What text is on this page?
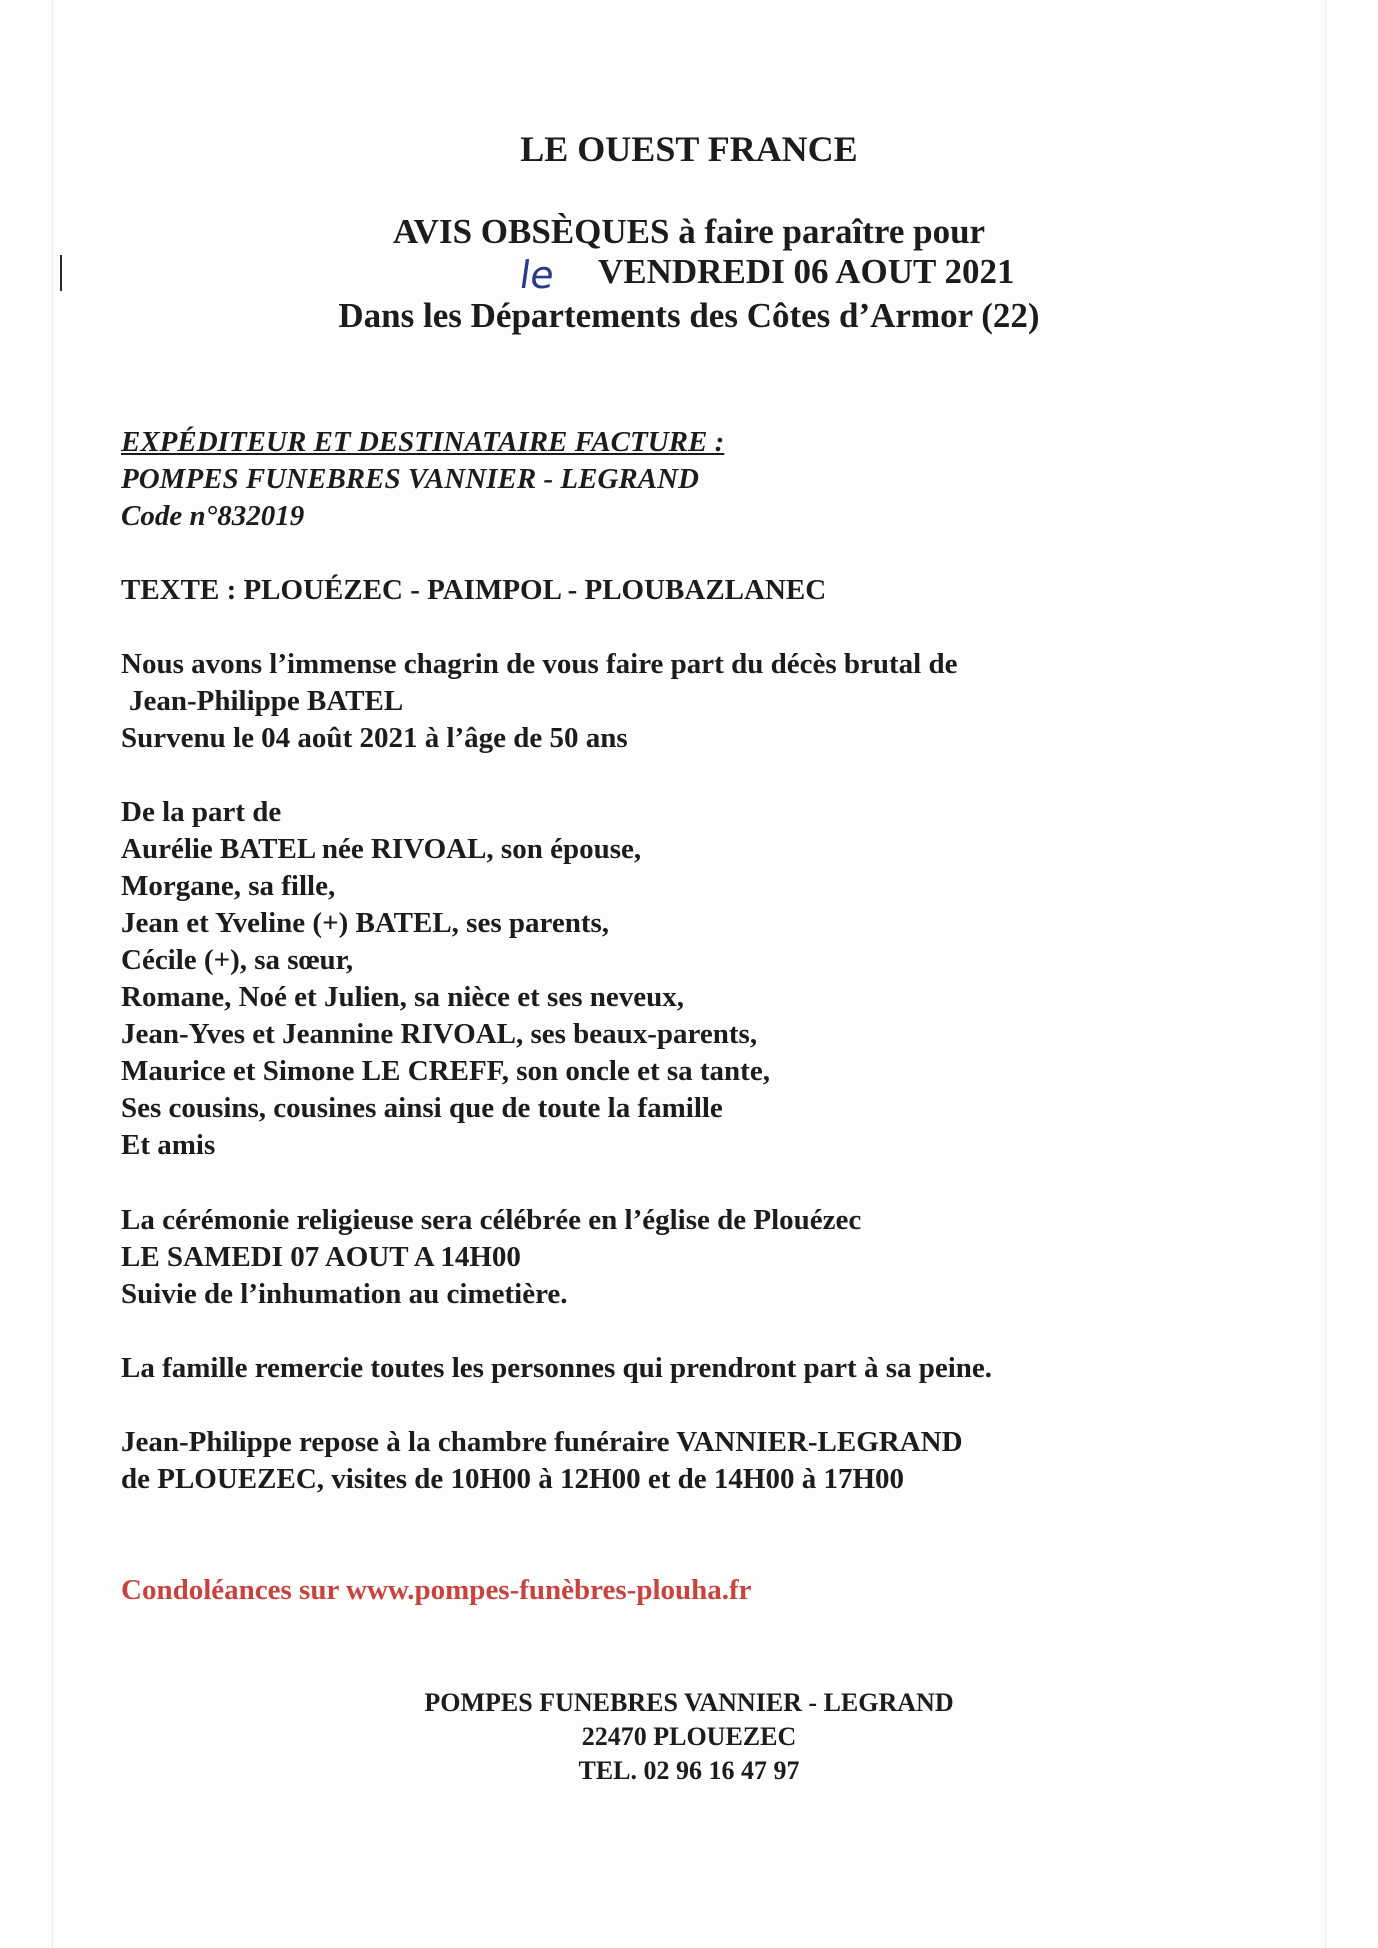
LE OUEST FRANCE

AVIS OBSÈQUES à faire paraître pour

le VENDREDI 06 AOUT 2021

Dans les Départements des Côtes d’Armor (22)

EXPÉDITEUR ET DESTINATAIRE FACTURE :

POMPES FUNEBRES VANNIER - LEGRAND

Code n°832019

TEXTE : PLOUÉZEC - PAIMPOL - PLOUBAZLANEC

Nous avons l’immense chagrin de vous faire part du décès brutal de

Jean-Philippe BATEL

Survenu le 04 août 2021 à l’âge de 50 ans

De la part de
Aurélie BATEL née RIVOAL, son épouse,
Morgane, sa fille,
Jean et Yveline (+) BATEL, ses parents,
Cécile (+), sa sœur,
Romane, Noé et Julien, sa nièce et ses neveux,
Jean-Yves et Jeannine RIVOAL, ses beaux-parents,
Maurice et Simone LE CREFF, son oncle et sa tante,
Ses cousins, cousines ainsi que de toute la famille
Et amis
La cérémonie religieuse sera célébrée en l’église de Plouézec
LE SAMEDI 07 AOUT A 14H00
Suivie de l’inhumation au cimetière.

La famille remercie toutes les personnes qui prendront part à sa peine.

Jean-Philippe repose à la chambre funéraire VANNIER-LEGRAND
de PLOUEZEC, visites de 10H00 à 12H00 et de 14H00 à 17H00

Condoléances sur www.pompes-funèbres-plouha.fr

POMPES FUNEBRES VANNIER - LEGRAND

22470 PLOUEZEC

TEL. 02 96 16 47 97
